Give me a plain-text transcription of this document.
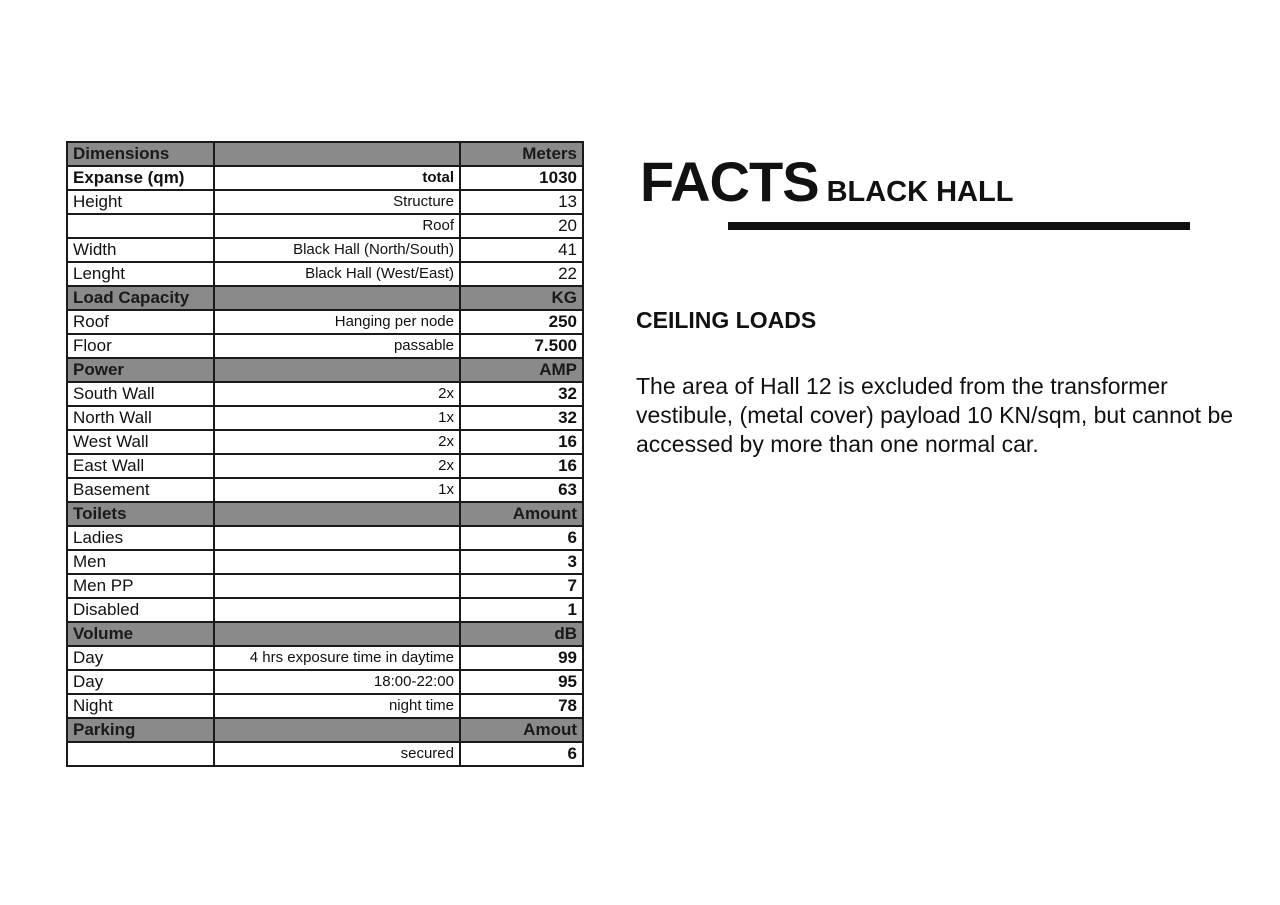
Dimensions		Meters
Expanse (qm)	total	1030
Height	Structure	13
	Roof	20
Width	Black Hall (North/South)	41
Lenght	Black Hall (West/East)	22
Load Capacity		KG
Roof	Hanging per node	250
Floor	passable	7.500
Power		AMP
South Wall	2x	32
North Wall	1x	32
West Wall	2x	16
East Wall	2x	16
Basement	1x	63
Toilets		Amount
Ladies		6
Men		3
Men PP		7
Disabled		1
Volume		dB
Day	4 hrs exposure time in daytime	99
Day	18:00-22:00	95
Night	night time	78
Parking		Amout
	secured	6
FACTS BLACK HALL
CEILING LOADS

The area of Hall 12 is excluded from the transformer vestibule, (metal cover) payload 10 KN/sqm, but cannot be accessed by more than one normal car.
